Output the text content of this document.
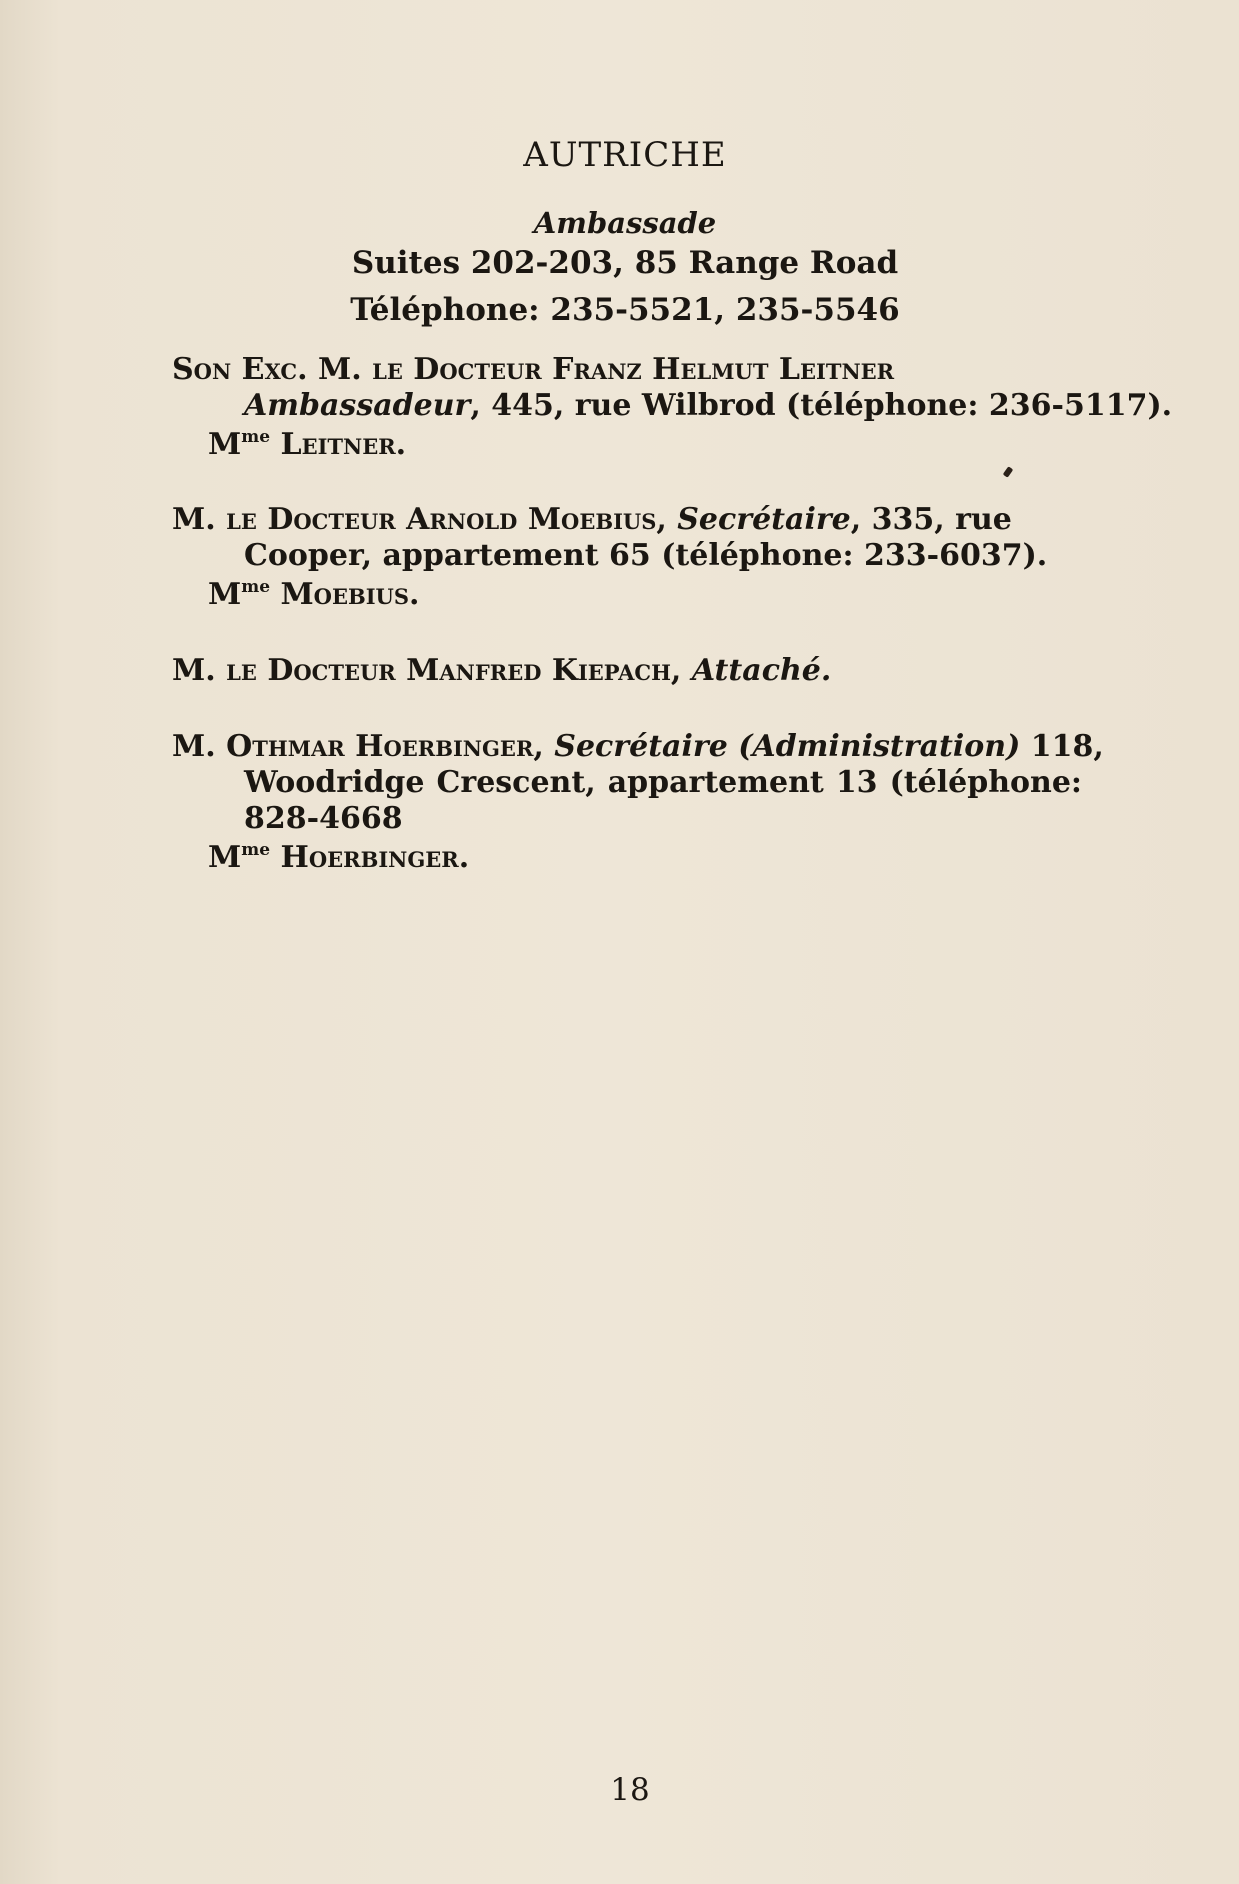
AUTRICHE
Ambassade
Suites 202-203, 85 Range Road
Téléphone: 235-5521, 235-5546
Son Exc. M. le Docteur Franz Helmut Leitner
Ambassadeur, 445, rue Wilbrod (téléphone: 236-5117).
$M^{me}$ Leitner.
M. le Docteur Arnold Moebius, Secrétaire, 335, rue
Cooper, appartement 65 (téléphone: 233-6037).
$M^{me}$ Moebius.
M. le Docteur Manfred Kiepach, Attaché.
M. Othmar Hoerbinger, Secrétaire (Administration) 118,
Woodridge Crescent, appartement 13 (téléphone:
828-4668
$M^{me}$ Hoerbinger.
18
